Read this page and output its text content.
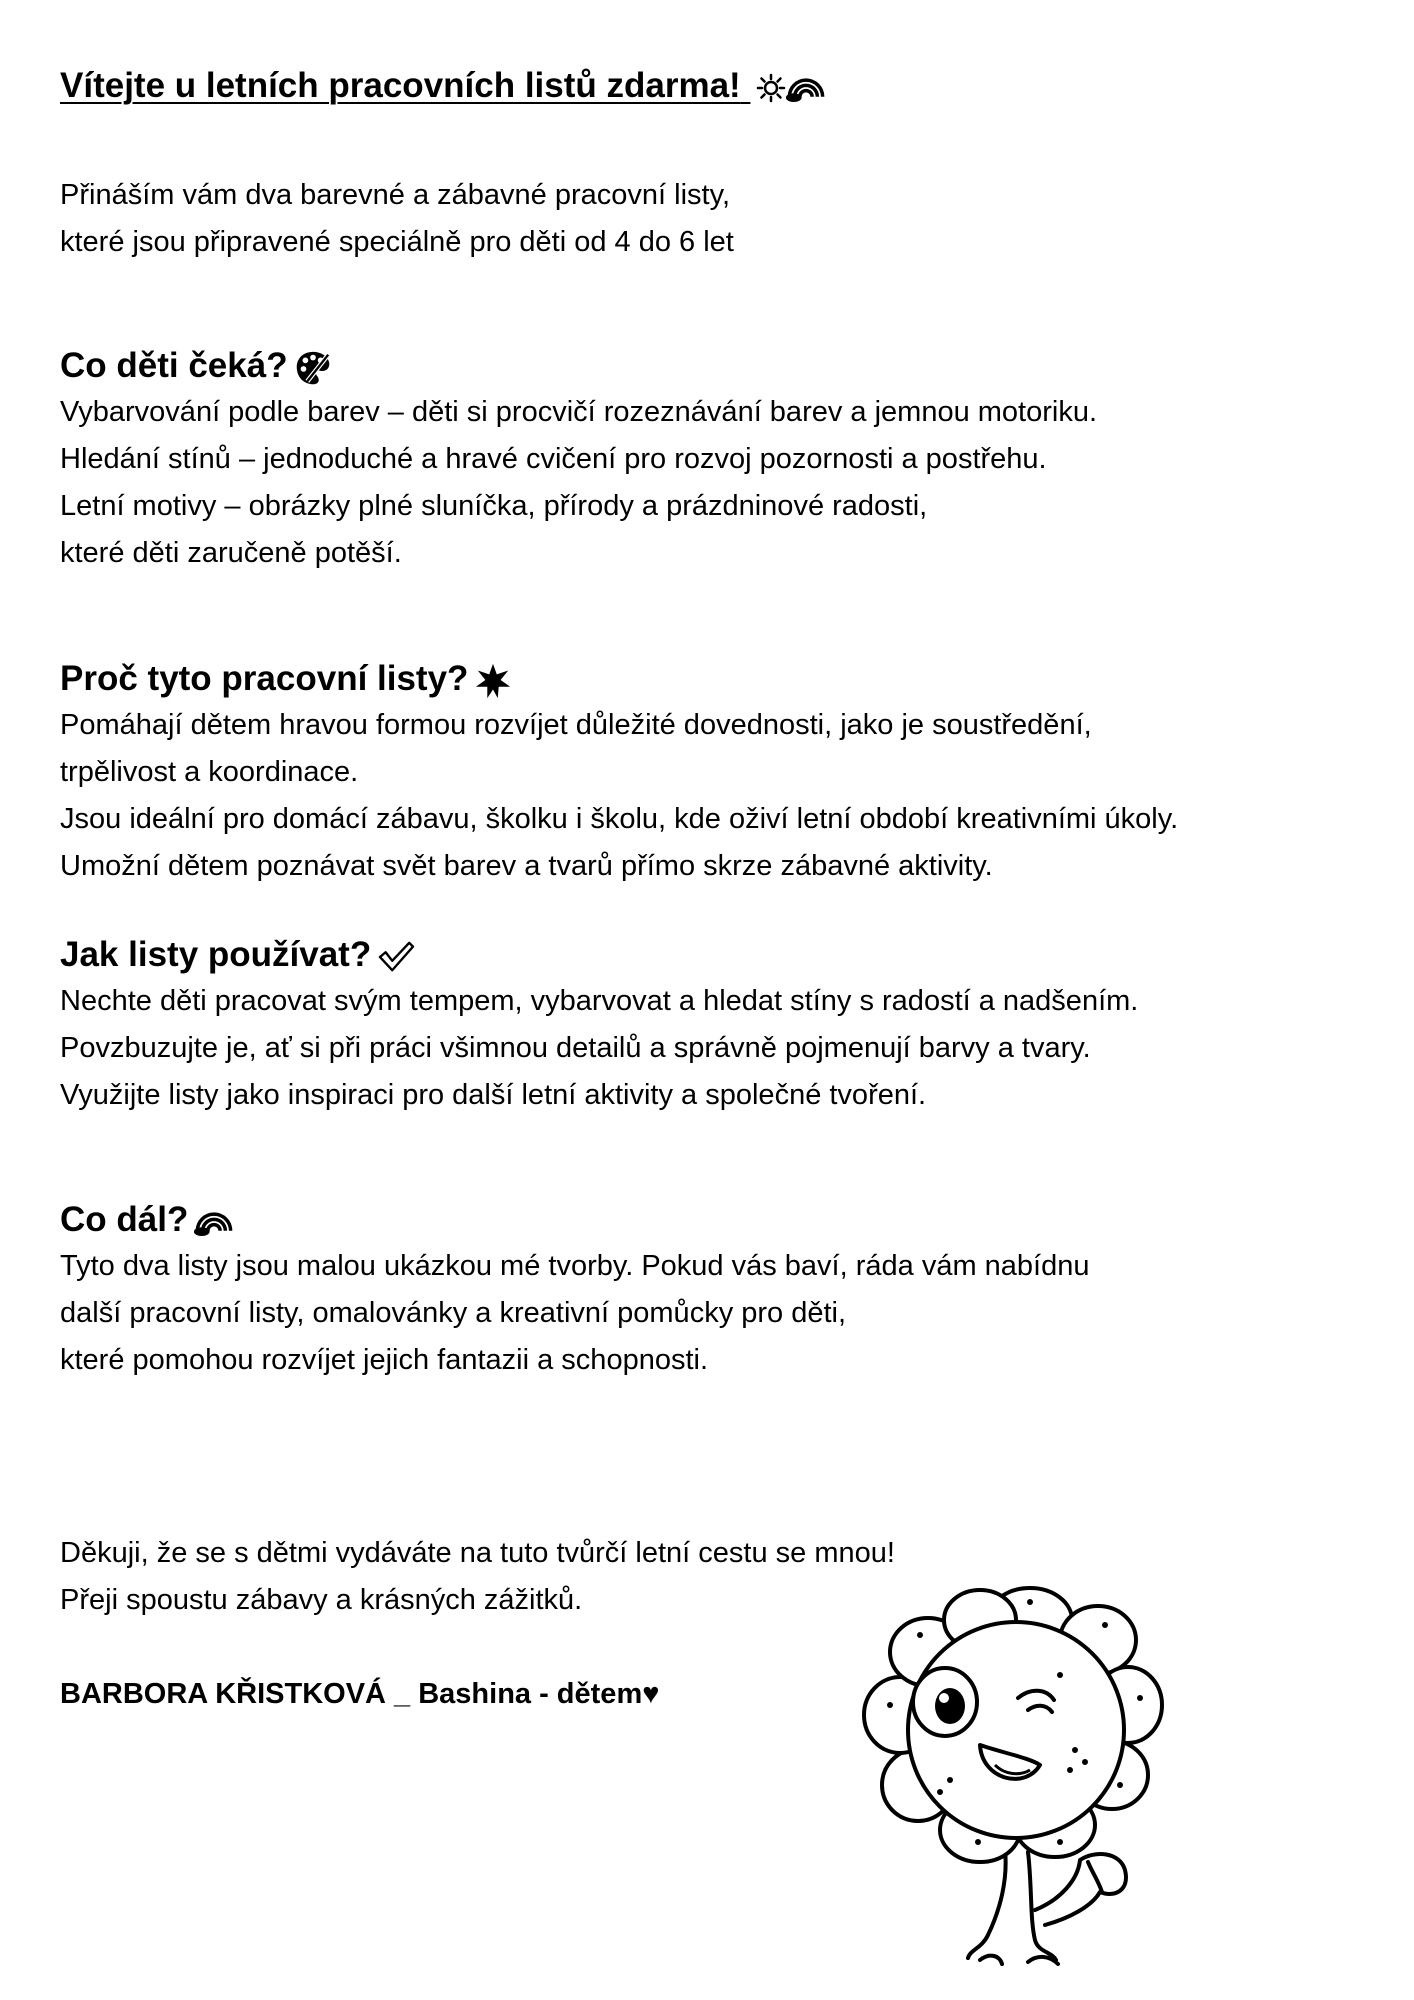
Vítejte u letních pracovních listů zdarma!

Přináším vám dva barevné a zábavné pracovní listy,

které jsou připravené speciálně pro děti od 4 do 6 let

Co děti čeká?

Vybarvování podle barev – děti si procvičí rozeznávání barev a jemnou motoriku.

Hledání stínů – jednoduché a hravé cvičení pro rozvoj pozornosti a postřehu.

Letní motivy – obrázky plné sluníčka, přírody a prázdninové radosti,

které děti zaručeně potěší.

Proč tyto pracovní listy?

Pomáhají dětem hravou formou rozvíjet důležité dovednosti, jako je soustředění,

trpělivost a koordinace.

Jsou ideální pro domácí zábavu, školku i školu, kde oživí letní období kreativními úkoly.

Umožní dětem poznávat svět barev a tvarů přímo skrze zábavné aktivity.

Jak listy používat?

Nechte děti pracovat svým tempem, vybarvovat a hledat stíny s radostí a nadšením.

Povzbuzujte je, ať si při práci všimnou detailů a správně pojmenují barvy a tvary.

Využijte listy jako inspiraci pro další letní aktivity a společné tvoření.

Co dál?

Tyto dva listy jsou malou ukázkou mé tvorby. Pokud vás baví, ráda vám nabídnu

další pracovní listy, omalovánky a kreativní pomůcky pro děti,

které pomohou rozvíjet jejich fantazii a schopnosti.

Děkuji, že se s dětmi vydáváte na tuto tvůrčí letní cestu se mnou!

Přeji spoustu zábavy a krásných zážitků.

BARBORA KŘISTKOVÁ _ Bashina - dětem♥
